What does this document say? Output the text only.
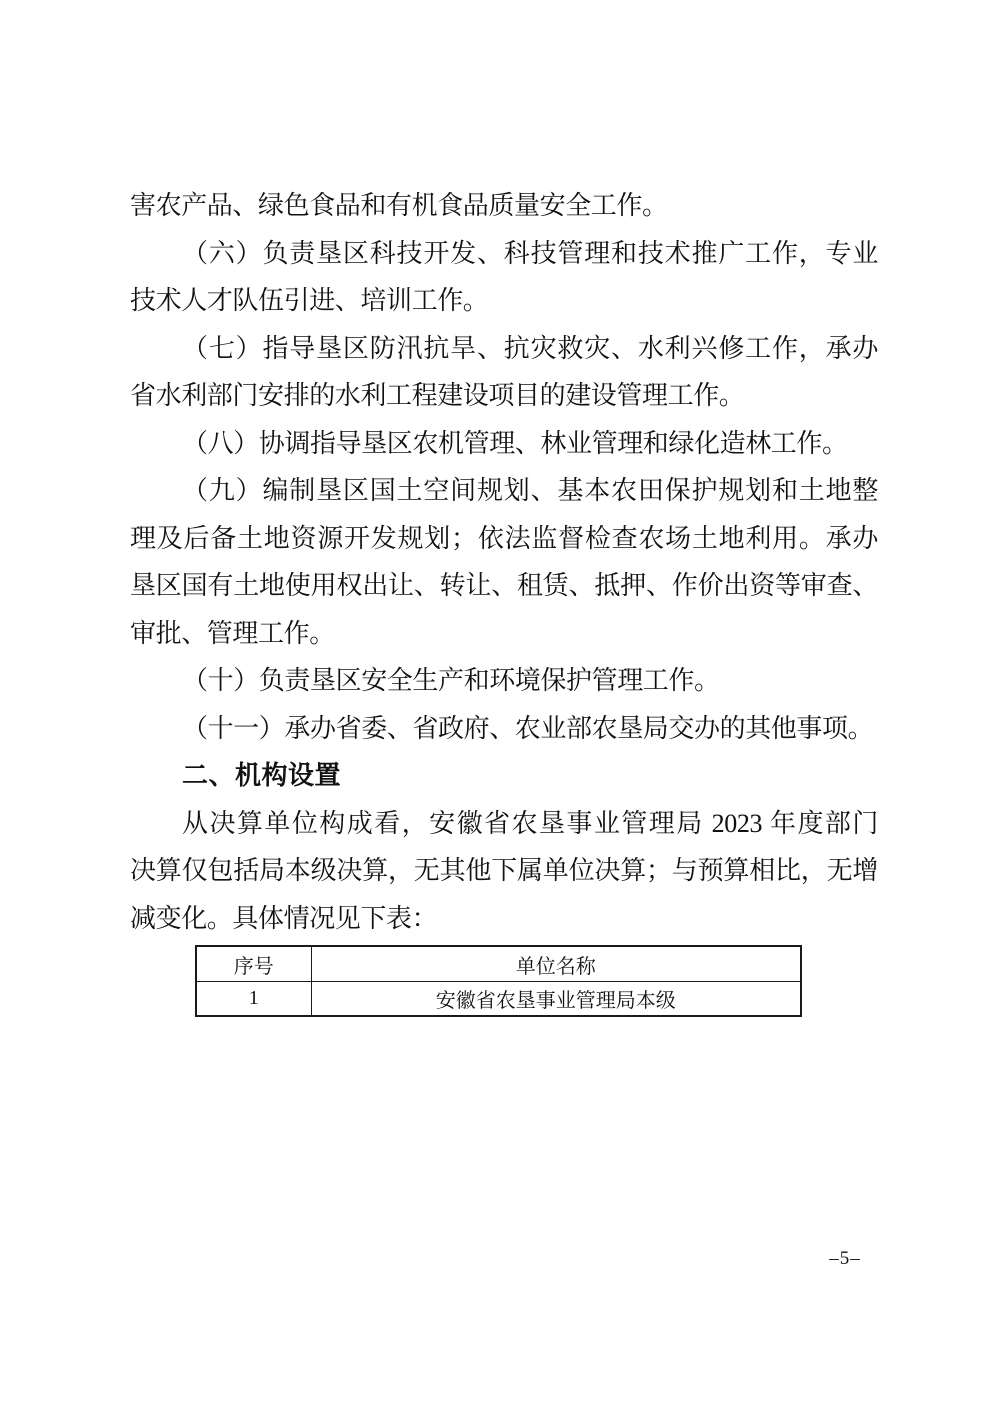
害农产品、绿色食品和有机食品质量安全工作。
（六）负责垦区科技开发、科技管理和技术推广工作，专业
技术人才队伍引进、培训工作。
（七）指导垦区防汛抗旱、抗灾救灾、水利兴修工作，承办
省水利部门安排的水利工程建设项目的建设管理工作。
（八）协调指导垦区农机管理、林业管理和绿化造林工作。
（九）编制垦区国土空间规划、基本农田保护规划和土地整
理及后备土地资源开发规划；依法监督检查农场土地利用。承办
垦区国有土地使用权出让、转让、租赁、抵押、作价出资等审查、
审批、管理工作。
（十）负责垦区安全生产和环境保护管理工作。
（十一）承办省委、省政府、农业部农垦局交办的其他事项。
二、机构设置
从决算单位构成看，安徽省农垦事业管理局 2023 年度部门
决算仅包括局本级决算，无其他下属单位决算；与预算相比，无增
减变化。具体情况见下表：
序号	单位名称
1	安徽省农垦事业管理局本级
–5–
